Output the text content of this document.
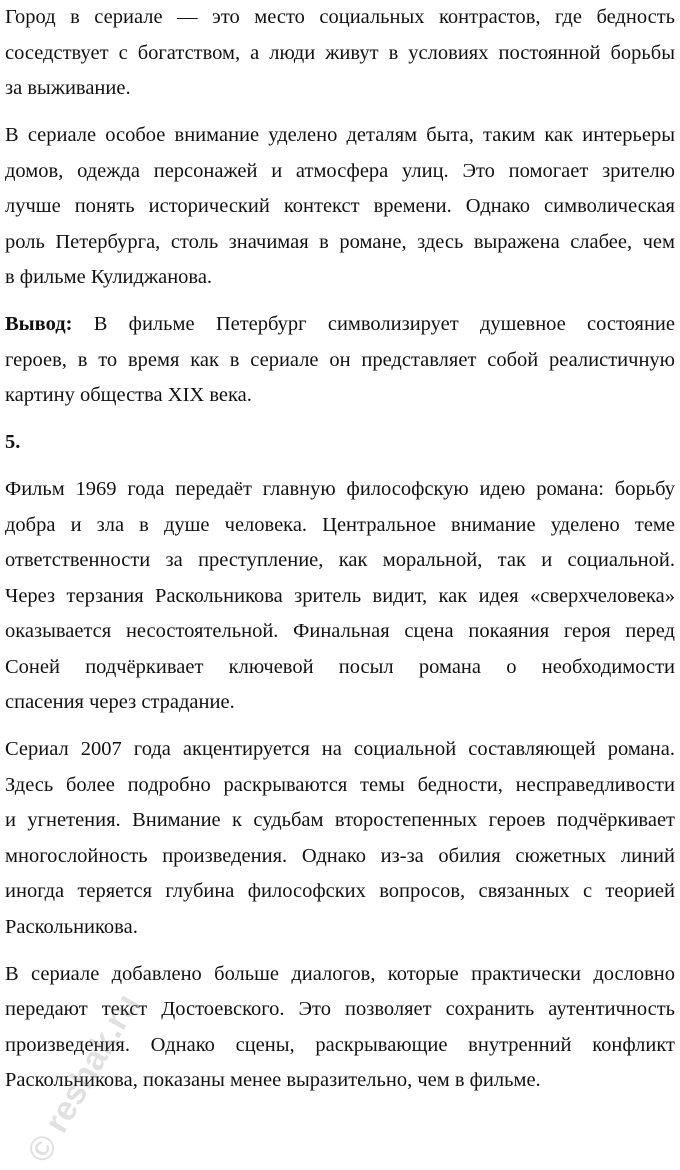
Город в сериале — это место социальных контрастов, где бедность
соседствует с богатством, а люди живут в условиях постоянной борьбы
за выживание.
В сериале особое внимание уделено деталям быта, таким как интерьеры
домов, одежда персонажей и атмосфера улиц. Это помогает зрителю
лучше понять исторический контекст времени. Однако символическая
роль Петербурга, столь значимая в романе, здесь выражена слабее, чем
в фильме Кулиджанова.
Вывод: В фильме Петербург символизирует душевное состояние
героев, в то время как в сериале он представляет собой реалистичную
картину общества XIX века.
5.
Фильм 1969 года передаёт главную философскую идею романа: борьбу
добра и зла в душе человека. Центральное внимание уделено теме
ответственности за преступление, как моральной, так и социальной.
Через терзания Раскольникова зритель видит, как идея «сверхчеловека»
оказывается несостоятельной. Финальная сцена покаяния героя перед
Соней подчёркивает ключевой посыл романа о необходимости
спасения через страдание.
Сериал 2007 года акцентируется на социальной составляющей романа.
Здесь более подробно раскрываются темы бедности, несправедливости
и угнетения. Внимание к судьбам второстепенных героев подчёркивает
многослойность произведения. Однако из-за обилия сюжетных линий
иногда теряется глубина философских вопросов, связанных с теорией
Раскольникова.
В сериале добавлено больше диалогов, которые практически дословно
передают текст Достоевского. Это позволяет сохранить аутентичность
произведения. Однако сцены, раскрывающие внутренний конфликт
Раскольникова, показаны менее выразительно, чем в фильме.
© reshak.ru
